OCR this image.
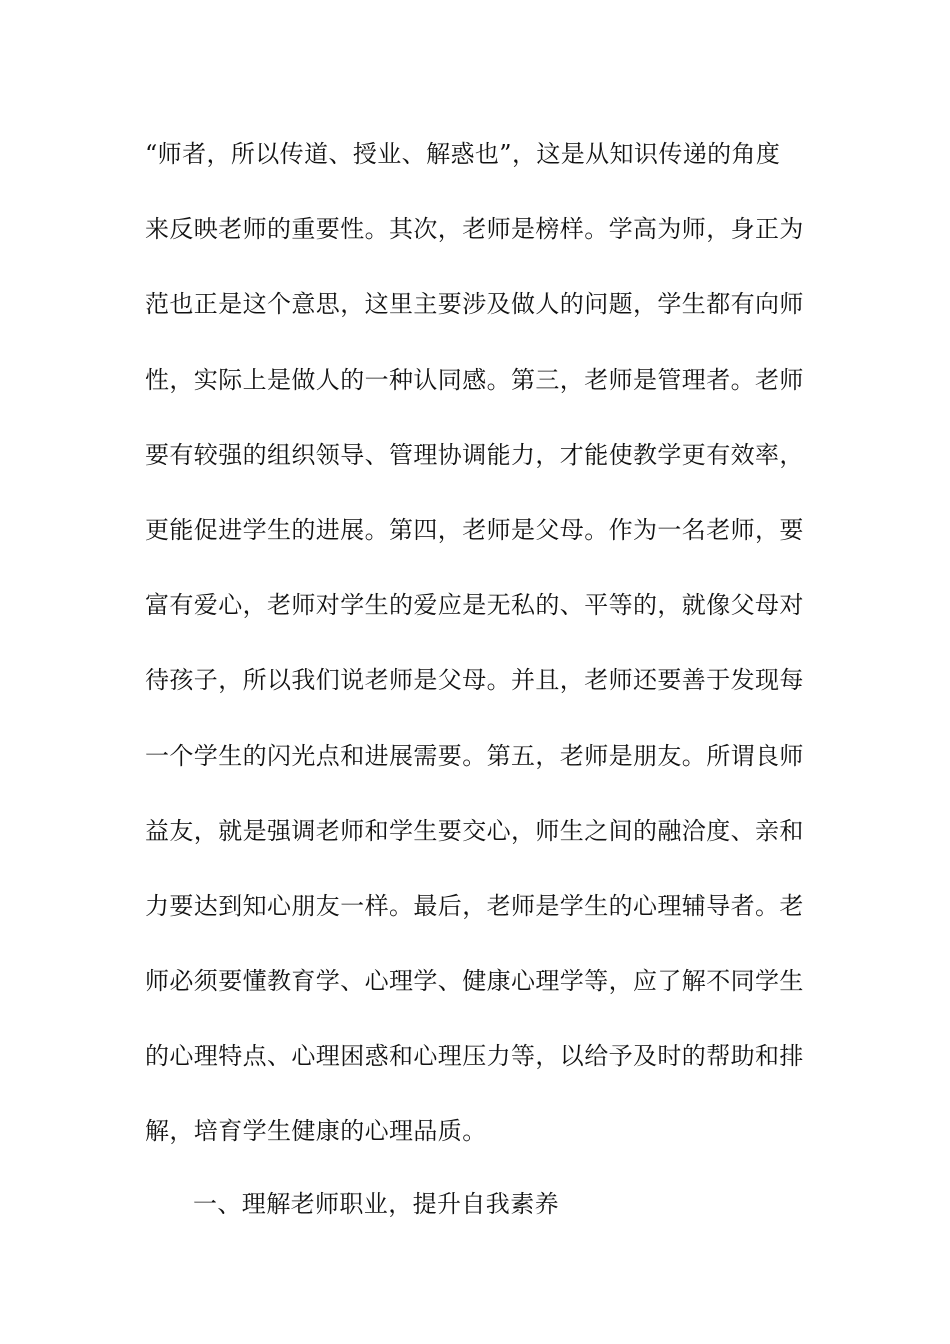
“师者，所以传道、授业、解惑也”，这是从知识传递的角度
来反映老师的重要性。其次，老师是榜样。学高为师，身正为
范也正是这个意思，这里主要涉及做人的问题，学生都有向师
性，实际上是做人的一种认同感。第三，老师是管理者。老师
要有较强的组织领导、管理协调能力，才能使教学更有效率，
更能促进学生的进展。第四，老师是父母。作为一名老师，要
富有爱心，老师对学生的爱应是无私的、平等的，就像父母对
待孩子，所以我们说老师是父母。并且，老师还要善于发现每
一个学生的闪光点和进展需要。第五，老师是朋友。所谓良师
益友，就是强调老师和学生要交心，师生之间的融洽度、亲和
力要达到知心朋友一样。最后，老师是学生的心理辅导者。老
师必须要懂教育学、心理学、健康心理学等，应了解不同学生
的心理特点、心理困惑和心理压力等，以给予及时的帮助和排
解，培育学生健康的心理品质。
一、理解老师职业，提升自我素养
